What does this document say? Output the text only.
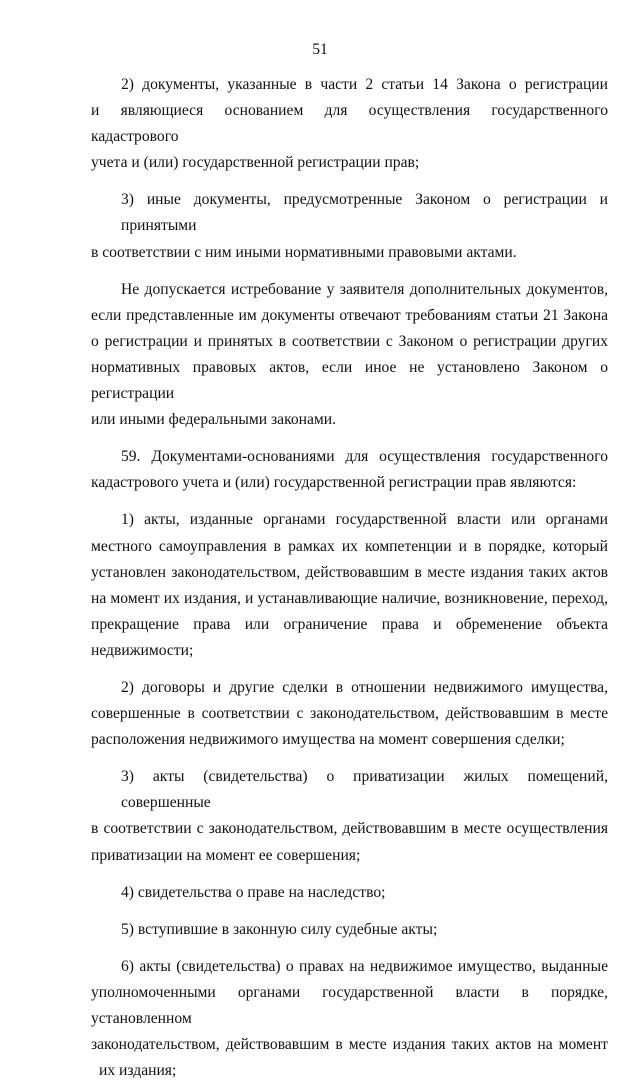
51

2) документы, указанные в части 2 статьи 14 Закона о регистрации
и являющиеся основанием для осуществления государственного кадастрового
учета и (или) государственной регистрации прав;

3) иные документы, предусмотренные Законом о регистрации и принятыми
в соответствии с ним иными нормативными правовыми актами.

Не допускается истребование у заявителя дополнительных документов,
если представленные им документы отвечают требованиям статьи 21 Закона
о регистрации и принятых в соответствии с Законом о регистрации других
нормативных правовых актов, если иное не установлено Законом о регистрации
или иными федеральными законами.

59. Документами-основаниями для осуществления государственного
кадастрового учета и (или) государственной регистрации прав являются:

1) акты, изданные органами государственной власти или органами
местного самоуправления в рамках их компетенции и в порядке, который
установлен законодательством, действовавшим в месте издания таких актов
на момент их издания, и устанавливающие наличие, возникновение, переход,
прекращение права или ограничение права и обременение объекта
недвижимости;

2) договоры и другие сделки в отношении недвижимого имущества,
совершенные в соответствии с законодательством, действовавшим в месте
расположения недвижимого имущества на момент совершения сделки;

3) акты (свидетельства) о приватизации жилых помещений, совершенные
в соответствии с законодательством, действовавшим в месте осуществления
приватизации на момент ее совершения;

4) свидетельства о праве на наследство;

5) вступившие в законную силу судебные акты;

6) акты (свидетельства) о правах на недвижимое имущество, выданные
уполномоченными органами государственной власти в порядке, установленном
законодательством, действовавшим в месте издания таких актов на момент
их издания;
